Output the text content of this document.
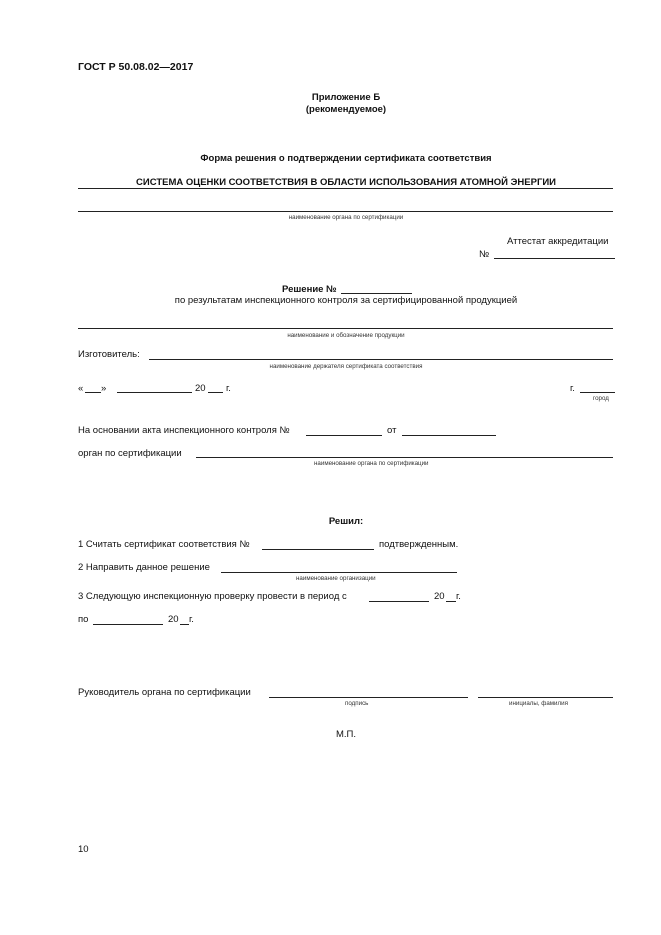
ГОСТ Р 50.08.02—2017
Приложение Б
(рекомендуемое)
Форма решения о подтверждении сертификата соответствия
СИСТЕМА ОЦЕНКИ СООТВЕТСТВИЯ В ОБЛАСТИ ИСПОЛЬЗОВАНИЯ АТОМНОЙ ЭНЕРГИИ
наименование органа по сертификации
Аттестат аккредитации
№
Решение №
по результатам инспекционного контроля за сертифицированной продукцией
наименование и обозначение продукции
Изготовитель:
наименование держателя сертификата соответствия
« »	20 г.	г.
город
На основании акта инспекционного контроля №	от
орган по сертификации
наименование органа по сертификации
Решил:
1 Считать сертификат соответствия №	подтвержденным.
2 Направить данное решение
наименование организации
3 Следующую инспекционную проверку провести в период с	20 г.
по	20 г.
Руководитель органа по сертификации
подпись	инициалы, фамилия
М.П.
10
